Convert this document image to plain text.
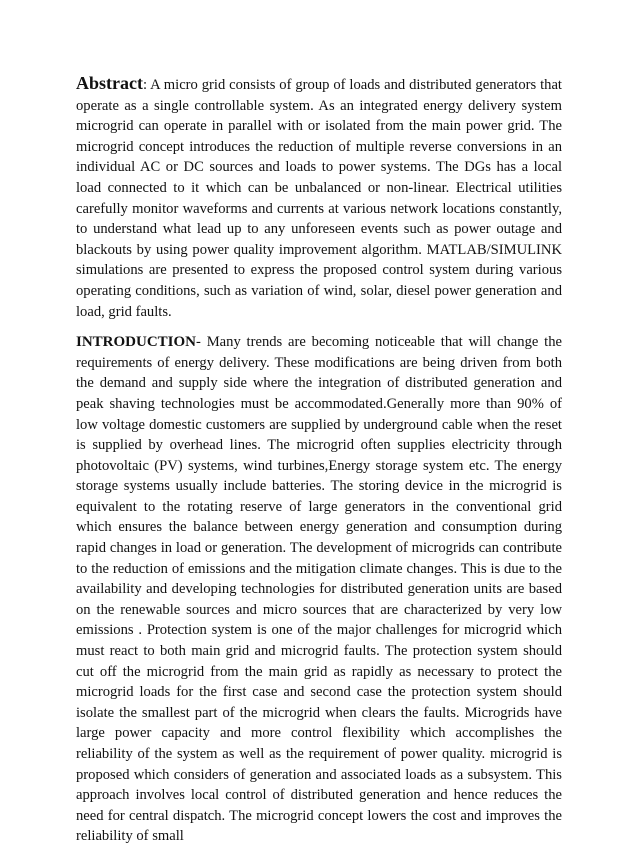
Abstract: A micro grid consists of group of loads and distributed generators that operate as a single controllable system. As an integrated energy delivery system microgrid can operate in parallel with or isolated from the main power grid. The microgrid concept introduces the reduction of multiple reverse conversions in an individual AC or DC sources and loads to power systems. The DGs has a local load connected to it which can be unbalanced or non-linear. Electrical utilities carefully monitor waveforms and currents at various network locations constantly, to understand what lead up to any unforeseen events such as power outage and blackouts by using power quality improvement algorithm. MATLAB/SIMULINK simulations are presented to express the proposed control system during various operating conditions, such as variation of wind, solar, diesel power generation and load, grid faults.

INTRODUCTION- Many trends are becoming noticeable that will change the requirements of energy delivery. These modifications are being driven from both the demand and supply side where the integration of distributed generation and peak shaving technologies must be accommodated.Generally more than 90% of low voltage domestic customers are supplied by underground cable when the reset is supplied by overhead lines. The microgrid often supplies electricity through photovoltaic (PV) systems, wind turbines,Energy storage system etc. The energy storage systems usually include batteries. The storing device in the microgrid is equivalent to the rotating reserve of large generators in the conventional grid which ensures the balance between energy generation and consumption during rapid changes in load or generation. The development of microgrids can contribute to the reduction of emissions and the mitigation climate changes. This is due to the availability and developing technologies for distributed generation units are based on the renewable sources and micro sources that are characterized by very low emissions . Protection system is one of the major challenges for microgrid which must react to both main grid and microgrid faults. The protection system should cut off the microgrid from the main grid as rapidly as necessary to protect the microgrid loads for the first case and second case the protection system should isolate the smallest part of the microgrid when clears the faults. Microgrids have large power capacity and more control flexibility which accomplishes the reliability of the system as well as the requirement of power quality. microgrid is proposed which considers of generation and associated loads as a subsystem. This approach involves local control of distributed generation and hence reduces the need for central dispatch. The microgrid concept lowers the cost and improves the reliability of small
